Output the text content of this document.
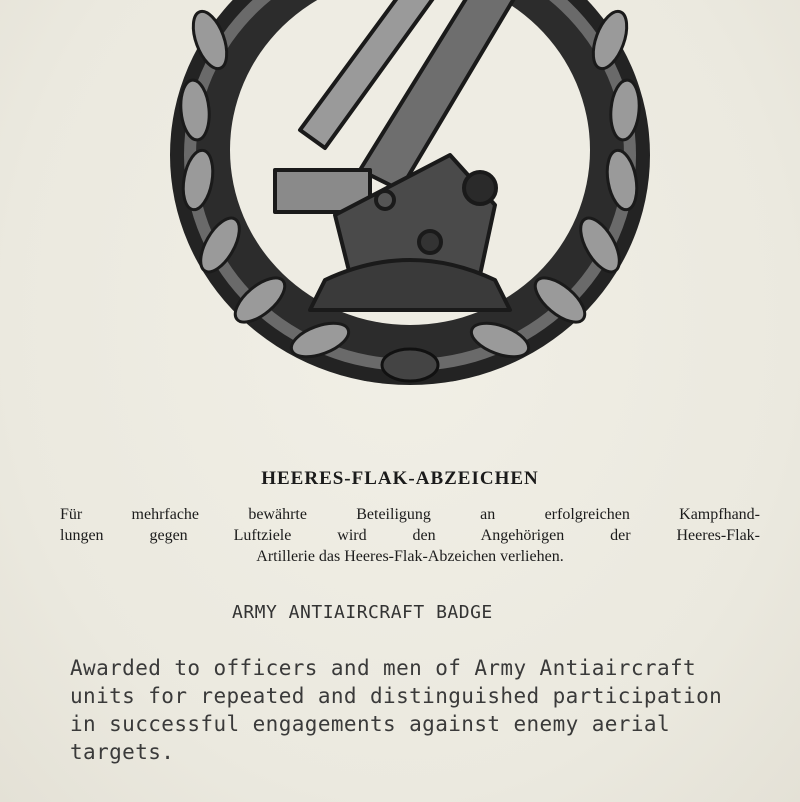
HEERES-FLAK-ABZEICHEN
Für mehrfache bewährte Beteiligung an erfolgreichen Kampfhand-
lungen gegen Luftziele wird den Angehörigen der Heeres-Flak-
Artillerie das Heeres-Flak-Abzeichen verliehen.
ARMY ANTIAIRCRAFT BADGE
Awarded to officers and men of Army Antiaircraft
units for repeated and distinguished participation
in successful engagements against enemy aerial
targets.
